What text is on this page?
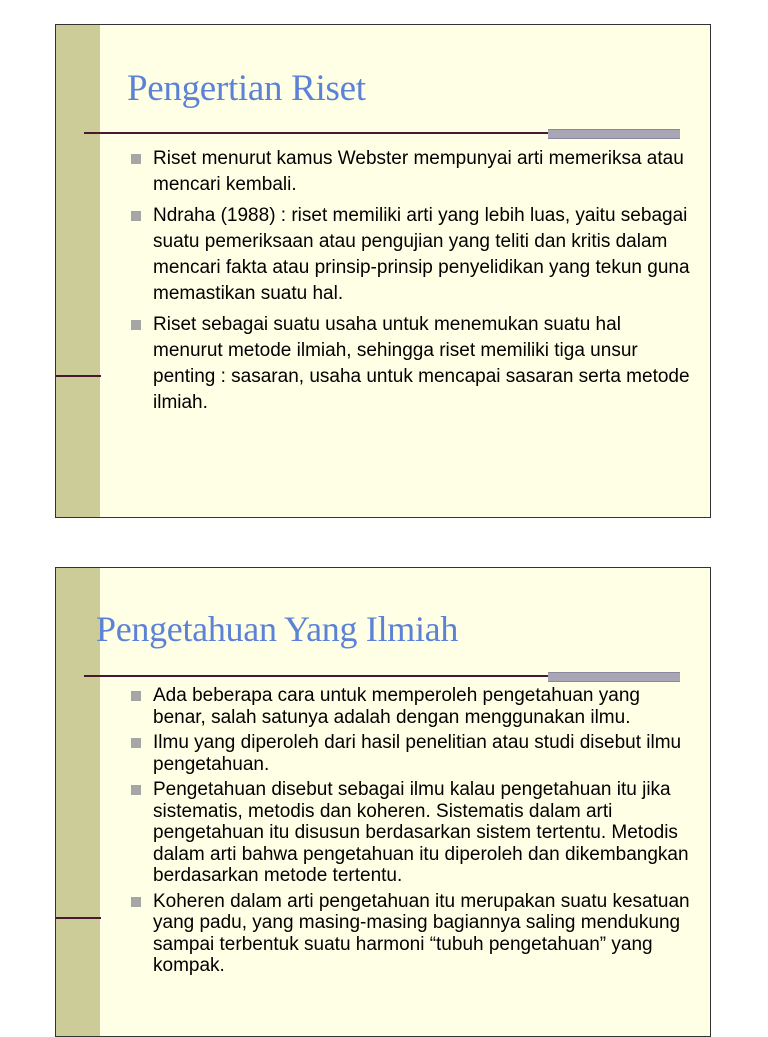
Pengertian Riset
Riset menurut kamus Webster mempunyai arti memeriksa atau mencari kembali.
Ndraha (1988) : riset memiliki arti yang lebih luas, yaitu sebagai suatu pemeriksaan atau pengujian yang teliti dan kritis dalam mencari fakta atau prinsip-prinsip penyelidikan yang tekun guna memastikan suatu hal.
Riset sebagai suatu usaha untuk menemukan suatu hal menurut metode ilmiah, sehingga riset memiliki tiga unsur penting : sasaran, usaha untuk mencapai sasaran serta metode ilmiah.
Pengetahuan Yang Ilmiah
Ada beberapa cara untuk memperoleh pengetahuan yang benar, salah satunya adalah dengan menggunakan ilmu.
Ilmu yang diperoleh dari hasil penelitian atau studi disebut ilmu pengetahuan.
Pengetahuan disebut sebagai ilmu kalau pengetahuan itu jika sistematis, metodis dan koheren. Sistematis dalam arti pengetahuan itu disusun berdasarkan sistem tertentu. Metodis dalam arti bahwa pengetahuan itu diperoleh dan dikembangkan berdasarkan metode tertentu.
Koheren dalam arti pengetahuan itu merupakan suatu kesatuan yang padu, yang masing-masing bagiannya saling mendukung sampai terbentuk suatu harmoni “tubuh pengetahuan” yang kompak.
